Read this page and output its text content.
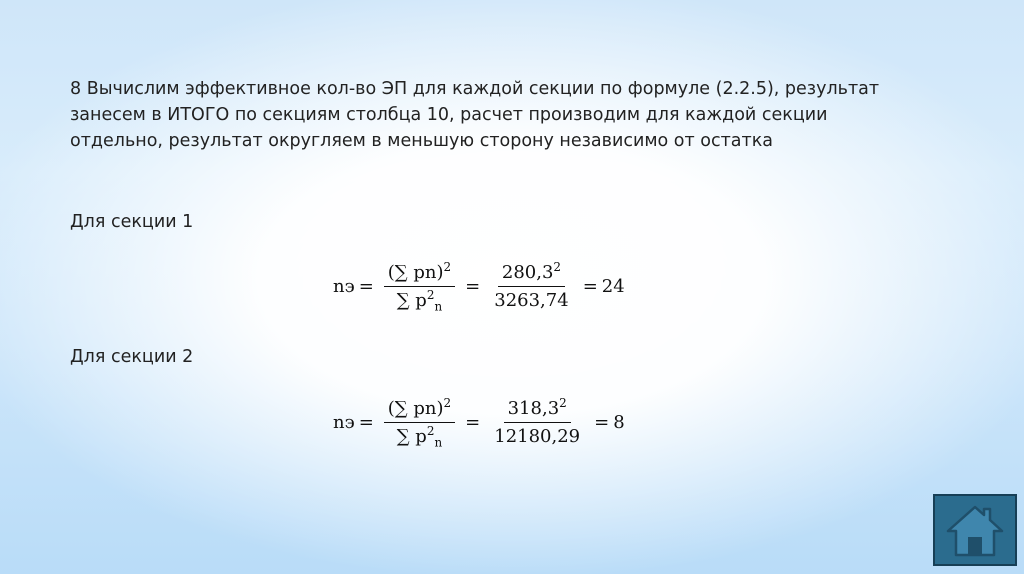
8 Вычислим эффективное кол-во ЭП для каждой секции по формуле (2.2.5), результат занесем в ИТОГО по секциям столбца 10, расчет производим для каждой секции отдельно, результат округляем в меньшую сторону независимо от остатка
Для секции 1
nэ = $\frac{(\sum pn)^2}{\sum p^2_n} = \frac{280,3^2}{3263,74} = 24$
Для секции 2
nэ = $\frac{(\sum pn)^2}{\sum p^2_n} = \frac{318,3^2}{12180,29} = 8$
